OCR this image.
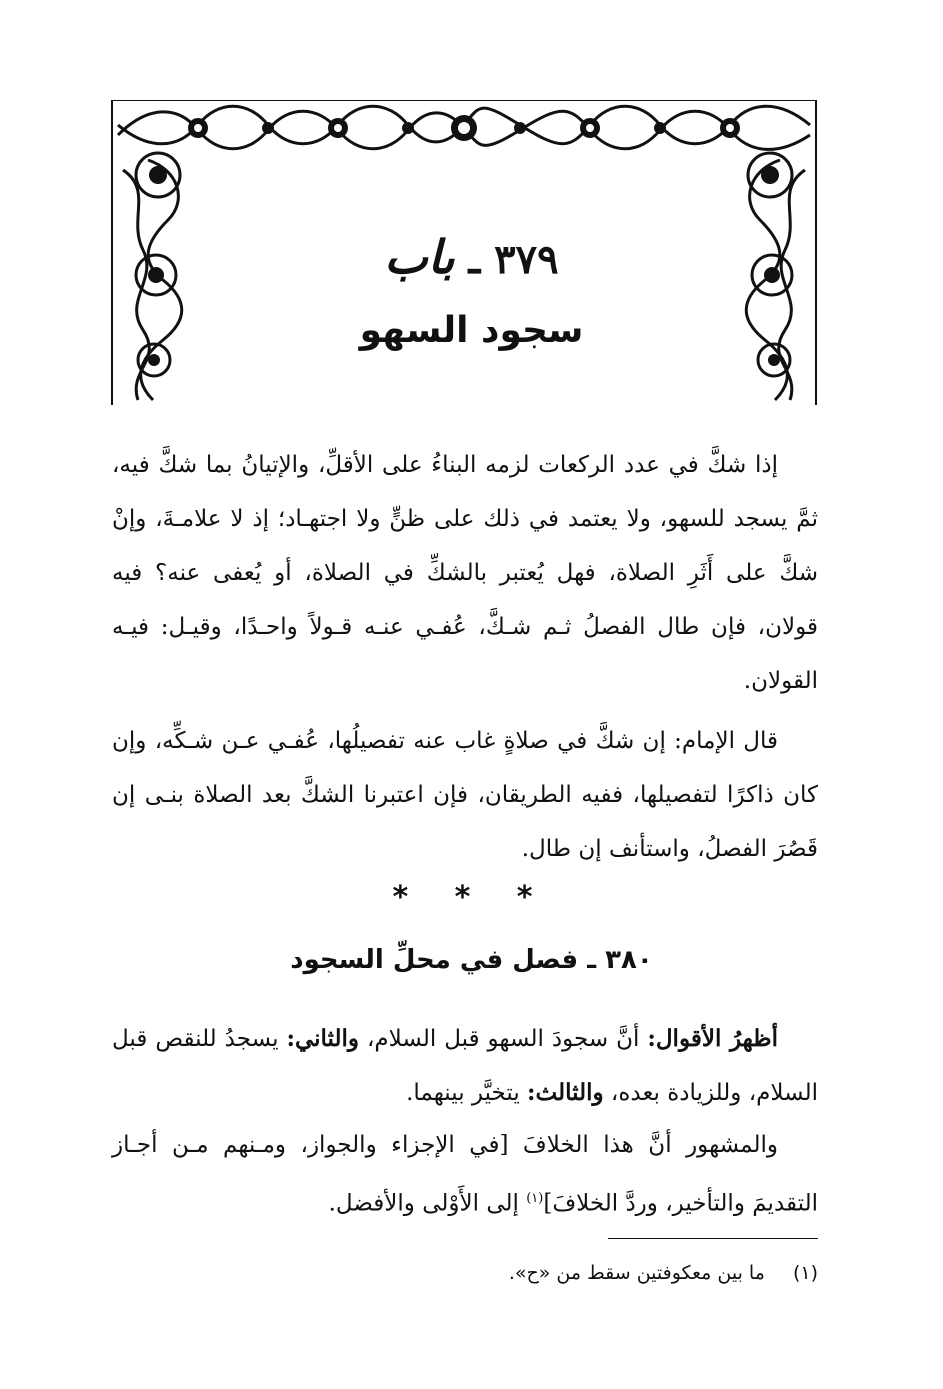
٣٧٩ ـ باب
سجود السهو
إذا شكَّ في عدد الركعات لزمه البناءُ على الأقلِّ، والإتيانُ بما شكَّ فيه، ثمَّ يسجد للسهو، ولا يعتمد في ذلك على ظنٍّ ولا اجتهـاد؛ إذ لا علامـةَ، وإنْ شكَّ على أَثَرِ الصلاة، فهل يُعتبر بالشكِّ في الصلاة، أو يُعفى عنه؟ فيه قولان، فإن طال الفصلُ ثـم شـكَّ، عُفـي عنـه قـولاً واحـدًا، وقيـل: فيـه القولان.
قال الإمام: إن شكَّ في صلاةٍ غاب عنه تفصيلُها، عُفـي عـن شـكِّه، وإن كان ذاكرًا لتفصيلها، ففيه الطريقان، فإن اعتبرنا الشكَّ بعد الصلاة بنـى إن قَصُرَ الفصلُ، واستأنف إن طال.
* * *
٣٨٠ ـ فصل في محلِّ السجود
أظهرُ الأقوال: أنَّ سجودَ السهو قبل السلام، والثاني: يسجدُ للنقص قبل السلام، وللزيادة بعده، والثالث: يتخيَّر بينهما.
والمشهور أنَّ هذا الخلافَ [في الإجزاء والجواز، ومـنهم مـن أجـاز التقديمَ والتأخير، وردَّ الخلافَ]$^{(١)}$ إلى الأَوْلى والأفضل.
(١) ما بين معكوفتين سقط من «ح».
